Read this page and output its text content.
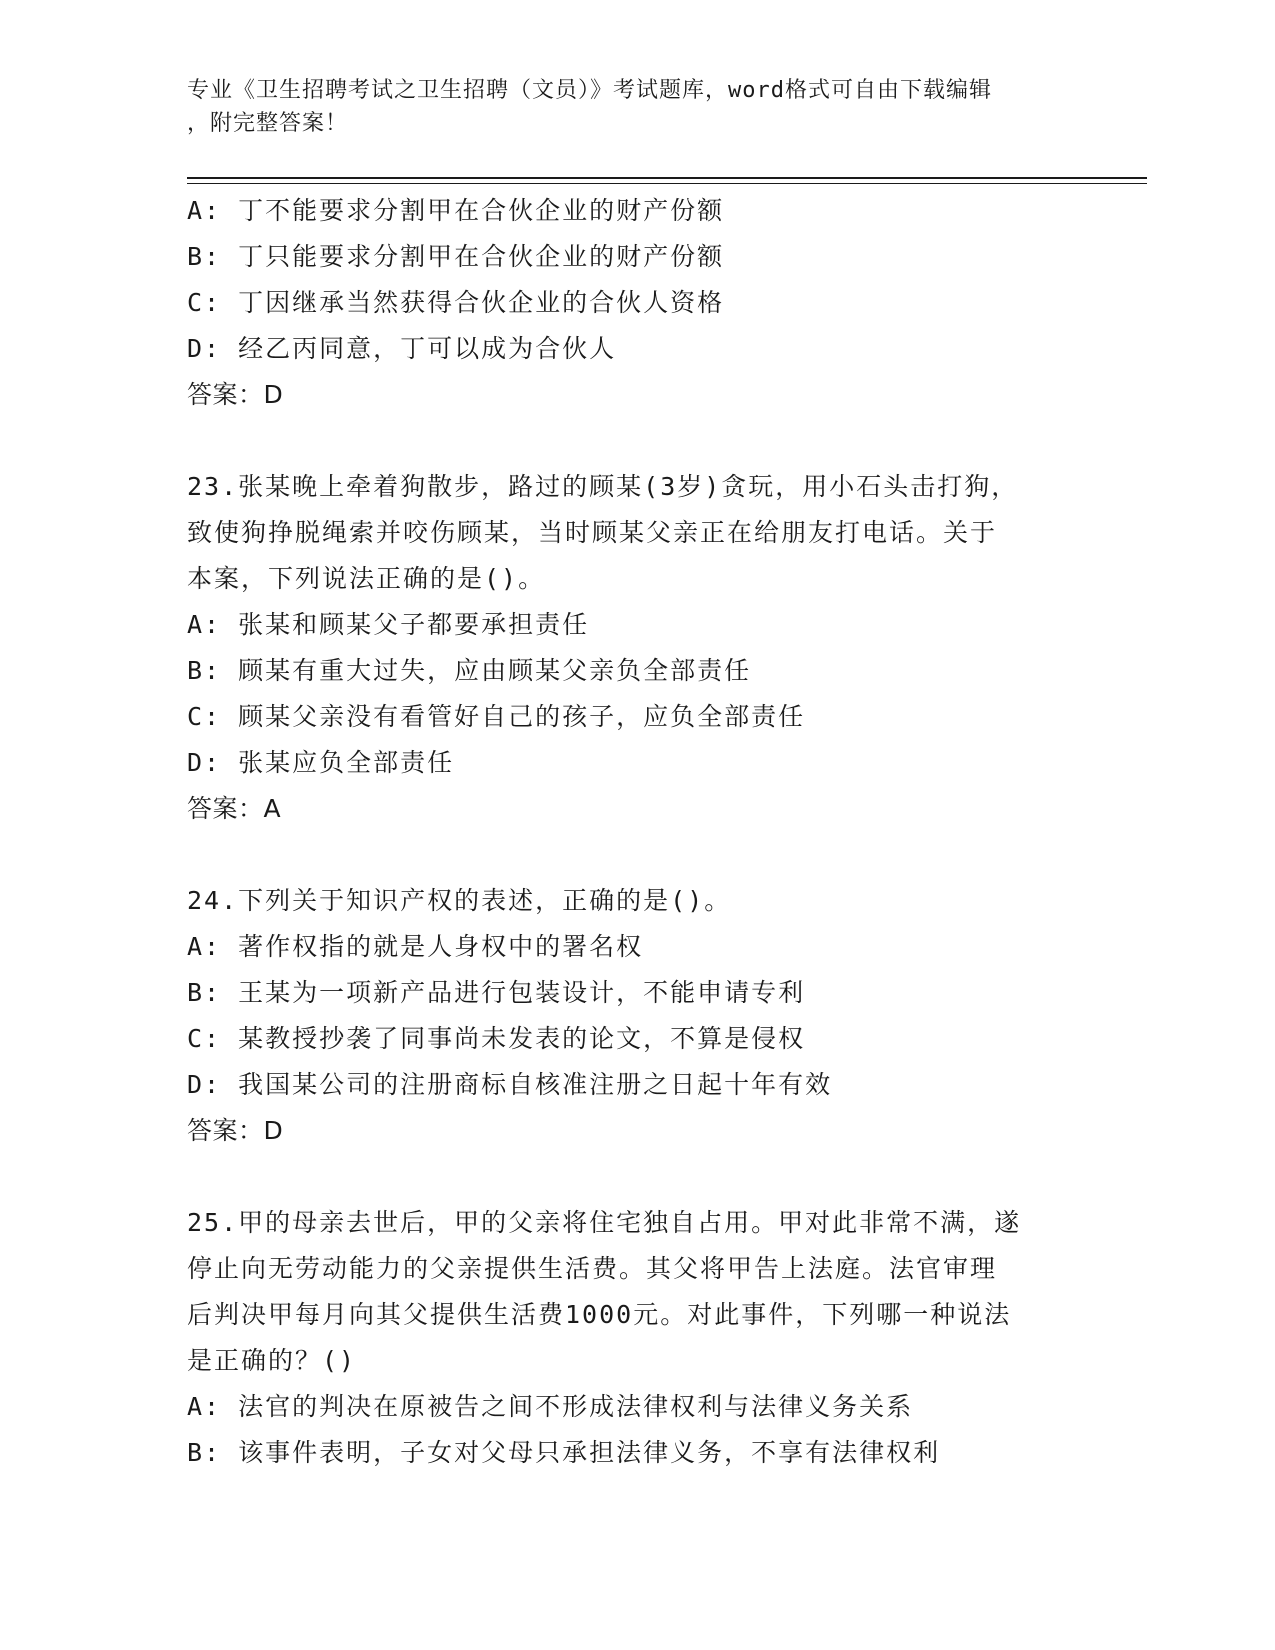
专业《卫生招聘考试之卫生招聘（文员）》考试题库，word格式可自由下载编辑
，附完整答案！
A: 丁不能要求分割甲在合伙企业的财产份额
B: 丁只能要求分割甲在合伙企业的财产份额
C: 丁因继承当然获得合伙企业的合伙人资格
D: 经乙丙同意，丁可以成为合伙人
答案：D
23.张某晚上牵着狗散步，路过的顾某(3岁)贪玩，用小石头击打狗，
致使狗挣脱绳索并咬伤顾某，当时顾某父亲正在给朋友打电话。关于
本案，下列说法正确的是()。
A: 张某和顾某父子都要承担责任
B: 顾某有重大过失，应由顾某父亲负全部责任
C: 顾某父亲没有看管好自己的孩子，应负全部责任
D: 张某应负全部责任
答案：A
24.下列关于知识产权的表述，正确的是()。
A: 著作权指的就是人身权中的署名权
B: 王某为一项新产品进行包装设计，不能申请专利
C: 某教授抄袭了同事尚未发表的论文，不算是侵权
D: 我国某公司的注册商标自核准注册之日起十年有效
答案：D
25.甲的母亲去世后，甲的父亲将住宅独自占用。甲对此非常不满，遂
停止向无劳动能力的父亲提供生活费。其父将甲告上法庭。法官审理
后判决甲每月向其父提供生活费1000元。对此事件，下列哪一种说法
是正确的？()
A: 法官的判决在原被告之间不形成法律权利与法律义务关系
B: 该事件表明，子女对父母只承担法律义务，不享有法律权利
